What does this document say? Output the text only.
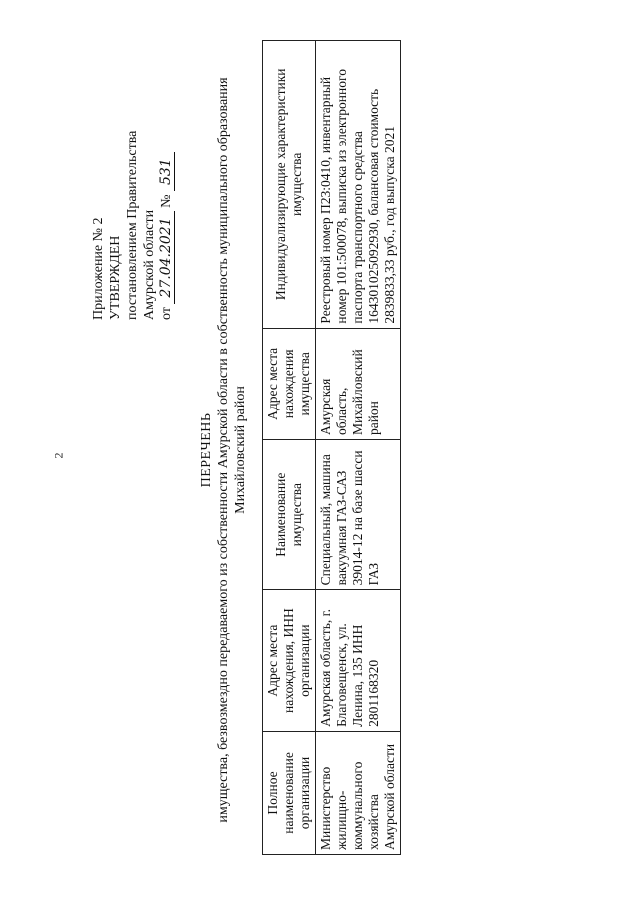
2
Приложение № 2 УТВЕРЖДЕН постановлением Правительства Амурской области от 27.04.2021 № 531
ПЕРЕЧЕНЬ имущества, безвозмездно передаваемого из собственности Амурской области в собственность муниципального образования Михайловский район
Полное наименование организации	Адрес места нахождения, ИНН организации	Наименование имущества	Адрес места нахождения имущества	Индивидуализирующие характеристики имущества
Министерство жилищно-коммунального хозяйства Амурской области	Амурская область, г. Благовещенск, ул. Ленина, 135 ИНН 2801168320	Специальный, машина вакуумная ГАЗ-САЗ 39014-12 на базе шасси ГАЗ	Амурская область, Михайловский район	Реестровый номер П23:0410, инвентарный номер 101:500078, выписка из электронного паспорта транспортного средства 164301025092930, балансовая стоимость 2839833,33 руб., год выпуска 2021
